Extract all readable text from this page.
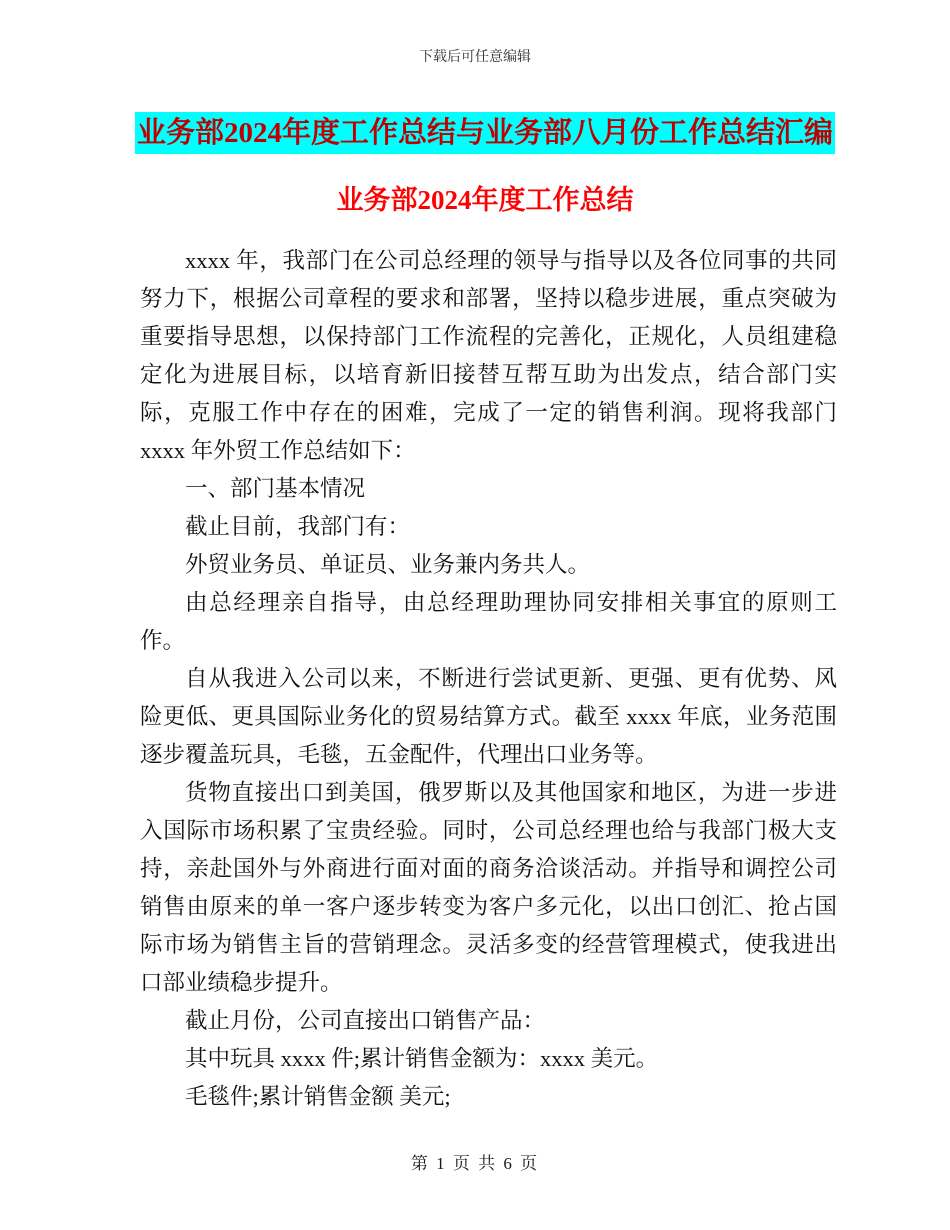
下载后可任意编辑
业务部2024年度工作总结与业务部八月份工作总结汇编
业务部2024年度工作总结

xxxx 年，我部门在公司总经理的领导与指导以及各位同事的共同努力下，根据公司章程的要求和部署，坚持以稳步进展，重点突破为重要指导思想，以保持部门工作流程的完善化，正规化，人员组建稳定化为进展目标，以培育新旧接替互帮互助为出发点，结合部门实际，克服工作中存在的困难，完成了一定的销售利润。现将我部门 xxxx 年外贸工作总结如下：

一、部门基本情况

截止目前，我部门有：

外贸业务员、单证员、业务兼内务共人。

由总经理亲自指导，由总经理助理协同安排相关事宜的原则工作。

自从我进入公司以来，不断进行尝试更新、更强、更有优势、风险更低、更具国际业务化的贸易结算方式。截至 xxxx 年底，业务范围逐步覆盖玩具，毛毯，五金配件，代理出口业务等。

货物直接出口到美国，俄罗斯以及其他国家和地区，为进一步进入国际市场积累了宝贵经验。同时，公司总经理也给与我部门极大支持，亲赴国外与外商进行面对面的商务洽谈活动。并指导和调控公司销售由原来的单一客户逐步转变为客户多元化，以出口创汇、抢占国际市场为销售主旨的营销理念。灵活多变的经营管理模式，使我进出口部业绩稳步提升。

截止月份，公司直接出口销售产品：

其中玩具 xxxx 件;累计销售金额为：xxxx 美元。

毛毯件;累计销售金额 美元;

第 1 页 共 6 页
